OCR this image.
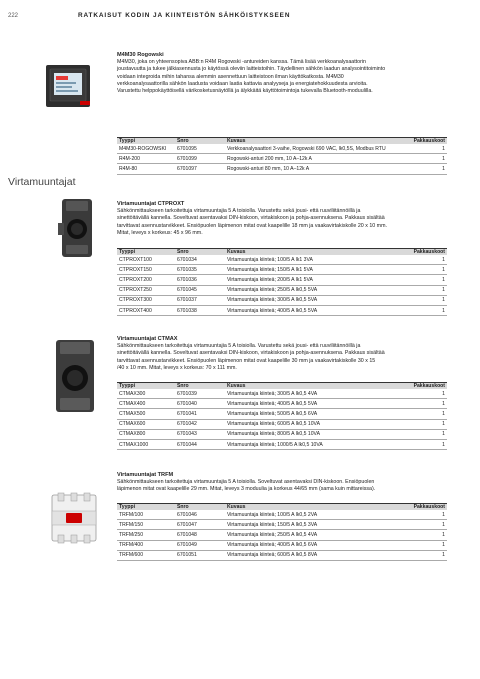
222	RATKAISUT KODIN JA KIINTEISTÖN SÄHKÖISTYKSEEN
Virtamuuntajat
M4M30 Rogowski
M4M30, joka on yhteensopiva ABB:n R4M Rogowski -antureiden kanssa. Tämä lisää verkkoanalysaattorin
joustavuutta ja tukee jälkiasennusta jo käytössä oleviin laitteistoihin. Täydellinen sähkön laadun analysointitoiminto
voidaan integroida mihin tahansa alemmin asennettuun laitteistoon ilman käyttökatkosta. M4M30
verkkoanalysaattorilla sähkön laadusta voidaan laatia kattavia analyyseja ja energiatehokkuudesta arvioita.
Varustettu helppokäyttöisellä värikosketusnäytöllä ja älykkäitä käyttötoimintoja tukevalla Bluetooth-moduulilla.
Tyyppi	Snro	Kuvaus	Pakkauskoot
M4M30-ROGOWSKI	6701095	Verkkoanalysaattori 3-vaihe, Rogowski 690 VAC, lk0,5S, Modbus RTU	1
R4M-200	6701099	Rogowski-anturi 200 mm, 10 A–12k A	1
R4M-80	6701097	Rogowski-anturi 80 mm, 10 A–12k A	1
Virtamuuntajat CTPROXT
Sähkönmittaukseen tarkoitettuja virtamuuntajia 5 A toisiolla. Varustettu sekä jousi- että ruuviliitännöillä ja
sinettöitävällä kannella. Soveltuvat asentavaksi DIN-kiskoon, virtakiskoon ja pohja-asennuksena. Pakkaus sisältää
tarvittavat asennustarvikkeet. Ensiöpuolen läpimenon mitat ovat kaapelille 18 mm ja vaakavirtakiskolle 20 x 10 mm.
Mitat, leveys x korkeus: 45 x 96 mm.
Tyyppi	Snro	Kuvaus	Pakkauskoot
CTPROXT100	6701034	Virtamuuntaja kiinteä; 100/5 A lk1 3VA	1
CTPROXT150	6701035	Virtamuuntaja kiinteä; 150/5 A lk1 5VA	1
CTPROXT200	6701036	Virtamuuntaja kiinteä; 200/5 A lk1 5VA	1
CTPROXT250	6701045	Virtamuuntaja kiinteä; 250/5 A lk0,5 5VA	1
CTPROXT300	6701037	Virtamuuntaja kiinteä; 300/5 A lk0,5 5VA	1
CTPROXT400	6701038	Virtamuuntaja kiinteä; 400/5 A lk0,5 5VA	1
Virtamuuntajat CTMAX
Sähkönmittaukseen tarkoitettuja virtamuuntajia 5 A toisiolla. Varustettu sekä jousi- että ruuviliitännöillä ja
sinettöitävällä kannella. Soveltuvat asentavaksi DIN-kiskoon, virtakiskoon ja pohja-asennuksena. Pakkaus sisältää
tarvittavat asennustarvikkeet. Ensiöpuolen läpimenon mitat ovat kaapelille 30 mm ja vaakavirtakiskolle 30 x 15
/40 x 10 mm. Mitat, leveys x korkeus: 70 x 111 mm.
Tyyppi	Snro	Kuvaus	Pakkauskoot
CTMAX300	6701039	Virtamuuntaja kiinteä; 300/5 A lk0,5 4VA	1
CTMAX400	6701040	Virtamuuntaja kiinteä; 400/5 A lk0,5 5VA	1
CTMAX500	6701041	Virtamuuntaja kiinteä; 500/5 A lk0,5 6VA	1
CTMAX600	6701042	Virtamuuntaja kiinteä; 600/5 A lk0,5 10VA	1
CTMAX800	6701043	Virtamuuntaja kiinteä; 800/5 A lk0,5 10VA	1
CTMAX1000	6701044	Virtamuuntaja kiinteä; 1000/5 A lk0,5 10VA	1
Virtamuuntajat TRFM
Sähkönmittaukseen tarkoitettuja virtamuuntajia 5 A toisiolla. Soveltuvat asentavaksi DIN-kiskoon. Ensiöpuolen
läpimenon mitat ovat kaapelille 29 mm. Mitat, leveys 3 moduulia ja korkeus 44/65 mm (sama kuin mittareissa).
Tyyppi	Snro	Kuvaus	Pakkauskoot
TRFM/100	6701046	Virtamuuntaja kiinteä; 100/5 A lk0,5 2VA	1
TRFM/150	6701047	Virtamuuntaja kiinteä; 150/5 A lk0,5 3VA	1
TRFM/250	6701048	Virtamuuntaja kiinteä; 250/5 A lk0,5 4VA	1
TRFM/400	6701049	Virtamuuntaja kiinteä; 400/5 A lk0,5 6VA	1
TRFM/600	6701051	Virtamuuntaja kiinteä; 600/5 A lk0,5 8VA	1
